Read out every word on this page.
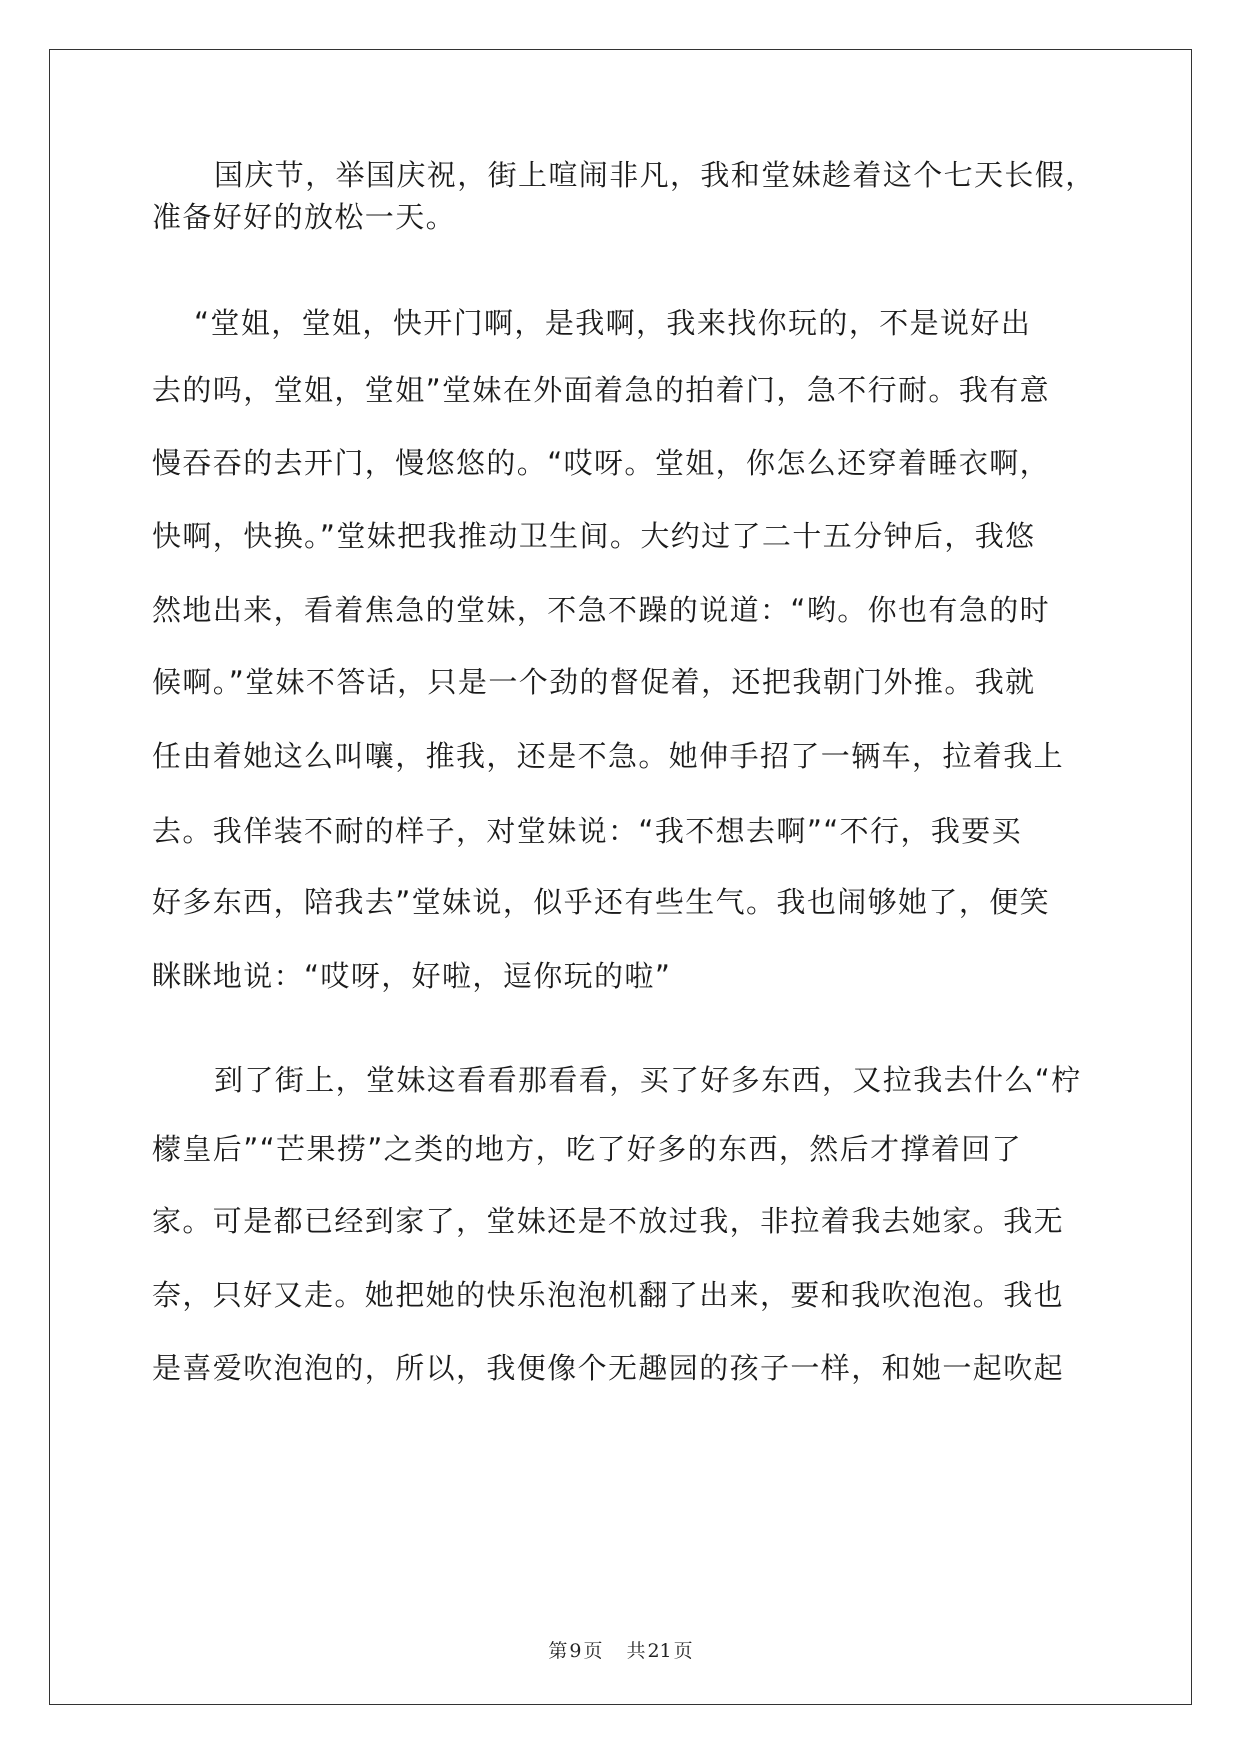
国庆节，举国庆祝，街上喧闹非凡，我和堂妹趁着这个七天长假，
准备好好的放松一天。
“堂姐，堂姐，快开门啊，是我啊，我来找你玩的，不是说好出
去的吗，堂姐，堂姐”堂妹在外面着急的拍着门，急不行耐。我有意
慢吞吞的去开门，慢悠悠的。“哎呀。堂姐，你怎么还穿着睡衣啊，
快啊，快换。”堂妹把我推动卫生间。大约过了二十五分钟后，我悠
然地出来，看着焦急的堂妹，不急不躁的说道：“哟。你也有急的时
候啊。”堂妹不答话，只是一个劲的督促着，还把我朝门外推。我就
任由着她这么叫嚷，推我，还是不急。她伸手招了一辆车，拉着我上
去。我佯装不耐的样子，对堂妹说：“我不想去啊”“不行，我要买
好多东西，陪我去”堂妹说，似乎还有些生气。我也闹够她了，便笑
眯眯地说：“哎呀，好啦，逗你玩的啦”
到了街上，堂妹这看看那看看，买了好多东西，又拉我去什么“柠
檬皇后”“芒果捞”之类的地方，吃了好多的东西，然后才撑着回了
家。可是都已经到家了，堂妹还是不放过我，非拉着我去她家。我无
奈，只好又走。她把她的快乐泡泡机翻了出来，要和我吹泡泡。我也
是喜爱吹泡泡的，所以，我便像个无趣园的孩子一样，和她一起吹起
第 9 页 共 21 页
